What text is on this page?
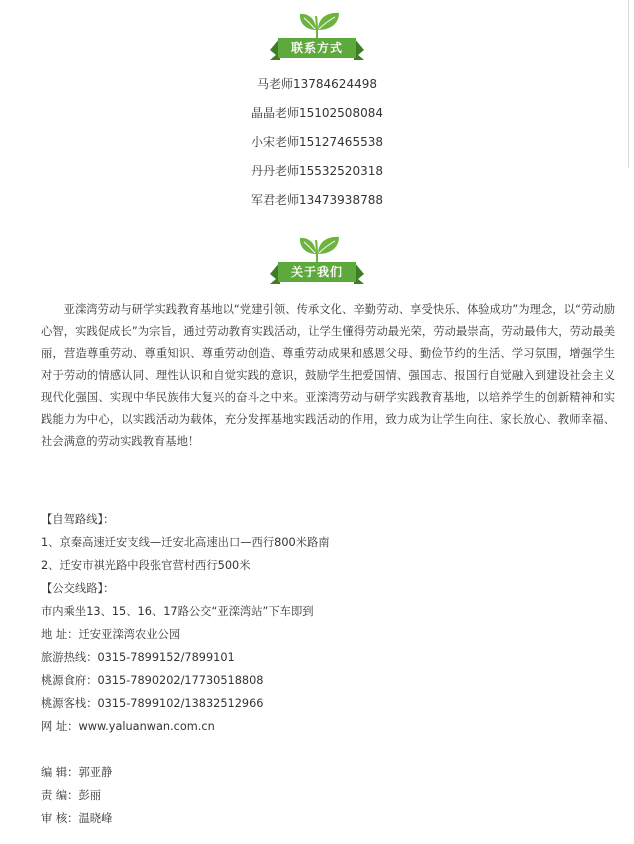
联系方式
马老师13784624498
晶晶老师15102508084
小宋老师15127465538
丹丹老师15532520318
军君老师13473938788
关于我们

亚滦湾劳动与研学实践教育基地以“党建引领、传承文化、辛勤劳动、享受快乐、体验成功”为理念，以“劳动励心智，实践促成长”为宗旨，通过劳动教育实践活动，让学生懂得劳动最光荣，劳动最崇高，劳动最伟大，劳动最美丽，营造尊重劳动、尊重知识、尊重劳动创造、尊重劳动成果和感恩父母、勤俭节约的生活、学习氛围，增强学生对于劳动的情感认同、理性认识和自觉实践的意识，鼓励学生把爱国情、强国志、报国行自觉融入到建设社会主义现代化强国、实现中华民族伟大复兴的奋斗之中来。亚滦湾劳动与研学实践教育基地，以培养学生的创新精神和实践能力为中心，以实践活动为载体，充分发挥基地实践活动的作用，致力成为让学生向往、家长放心、教师幸福、社会满意的劳动实践教育基地！

【自驾路线】：
1、京秦高速迁安支线—迁安北高速出口—西行800米路南
2、迁安市祺光路中段张官营村西行500米
【公交线路】：
市内乘坐13、15、16、17路公交“亚滦湾站”下车即到
地 址：迁安亚滦湾农业公园
旅游热线：0315-7899152/7899101
桃源食府：0315-7890202/17730518808
桃源客栈：0315-7899102/13832512966
网 址：www.yaluanwan.com.cn
编 辑：郭亚静
责 编：彭丽
审 核：温晓峰
